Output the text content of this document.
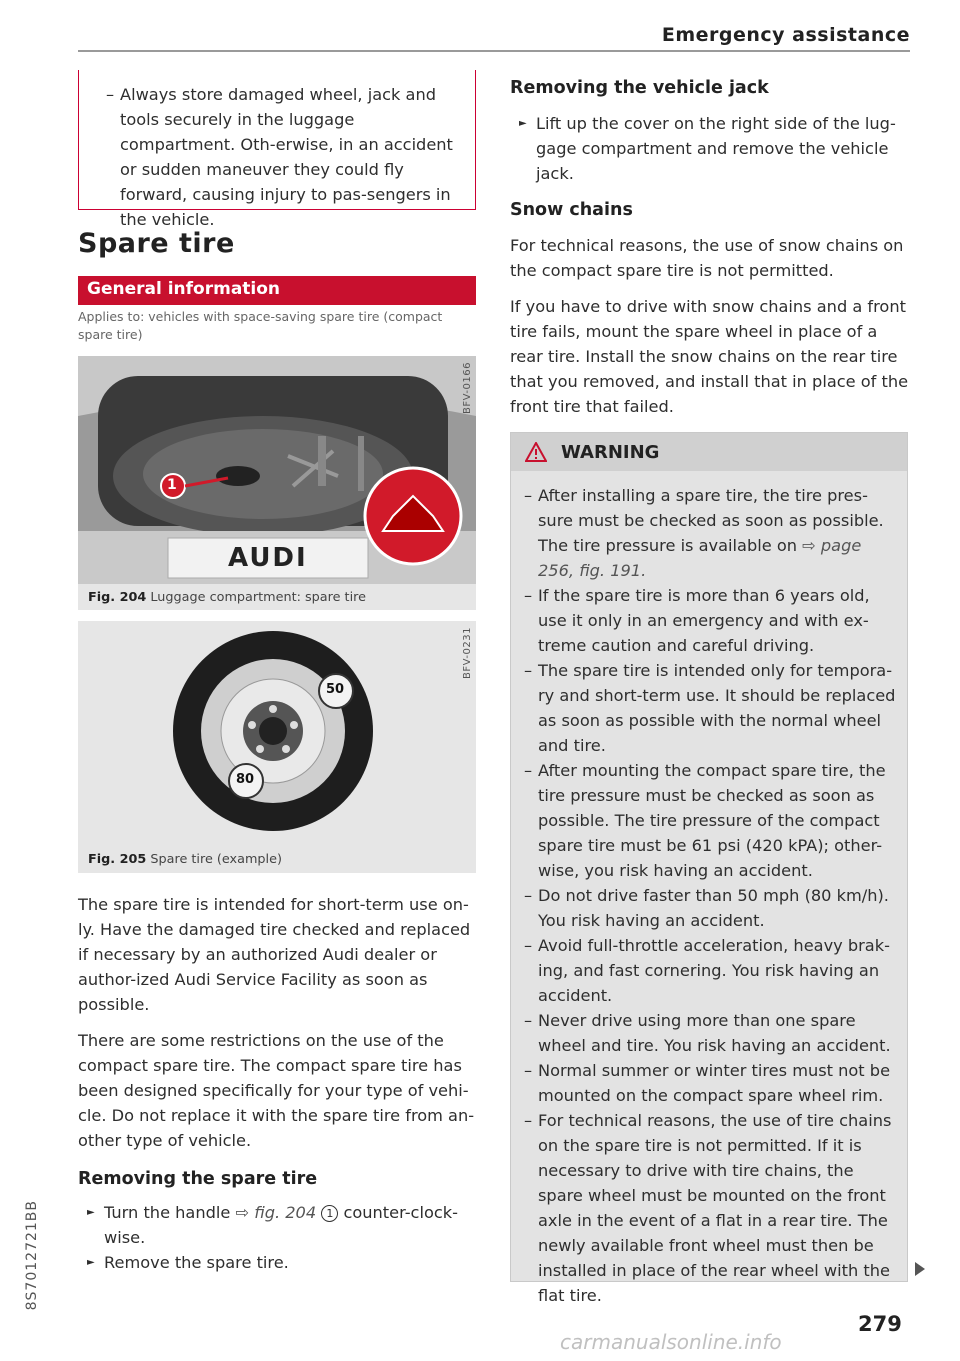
Emergency assistance
– Always store damaged wheel, jack and tools securely in the luggage compartment. Oth-erwise, in an accident or sudden maneuver they could fly forward, causing injury to pas-sengers in the vehicle.
Spare tire
General information
Applies to: vehicles with space-saving spare tire (compact spare tire)
1
AUDI
BFV-0166
Fig. 204 Luggage compartment: spare tire
50
80
BFV-0231
Fig. 205 Spare tire (example)

The spare tire is intended for short-term use on-ly. Have the damaged tire checked and replaced if necessary by an authorized Audi dealer or author-ized Audi Service Facility as soon as possible.

There are some restrictions on the use of the compact spare tire. The compact spare tire has been designed specifically for your type of vehi-cle. Do not replace it with the spare tire from an-other type of vehicle.

Removing the spare tire
► Turn the handle ⇨ fig. 204 1 counter-clock-wise.
► Remove the spare tire.
Removing the vehicle jack
► Lift up the cover on the right side of the lug-gage compartment and remove the vehicle jack.
Snow chains

For technical reasons, the use of snow chains on the compact spare tire is not permitted.

If you have to drive with snow chains and a front tire fails, mount the spare wheel in place of a rear tire. Install the snow chains on the rear tire that you removed, and install that in place of the front tire that failed.

WARNING
– After installing a spare tire, the tire pres-sure must be checked as soon as possible. The tire pressure is available on ⇨ page 256, fig. 191.
– If the spare tire is more than 6 years old, use it only in an emergency and with ex-treme caution and careful driving.
– The spare tire is intended only for tempora-ry and short-term use. It should be replaced as soon as possible with the normal wheel and tire.
– After mounting the compact spare tire, the tire pressure must be checked as soon as possible. The tire pressure of the compact spare tire must be 61 psi (420 kPA); other-wise, you risk having an accident.
– Do not drive faster than 50 mph (80 km/h). You risk having an accident.
– Avoid full-throttle acceleration, heavy brak-ing, and fast cornering. You risk having an accident.
– Never drive using more than one spare wheel and tire. You risk having an accident.
– Normal summer or winter tires must not be mounted on the compact spare wheel rim.
– For technical reasons, the use of tire chains on the spare tire is not permitted. If it is necessary to drive with tire chains, the spare wheel must be mounted on the front axle in the event of a flat in a rear tire. The newly available front wheel must then be installed in place of the rear wheel with the flat tire.
8S7012721BB
279
carmanualsonline.info
